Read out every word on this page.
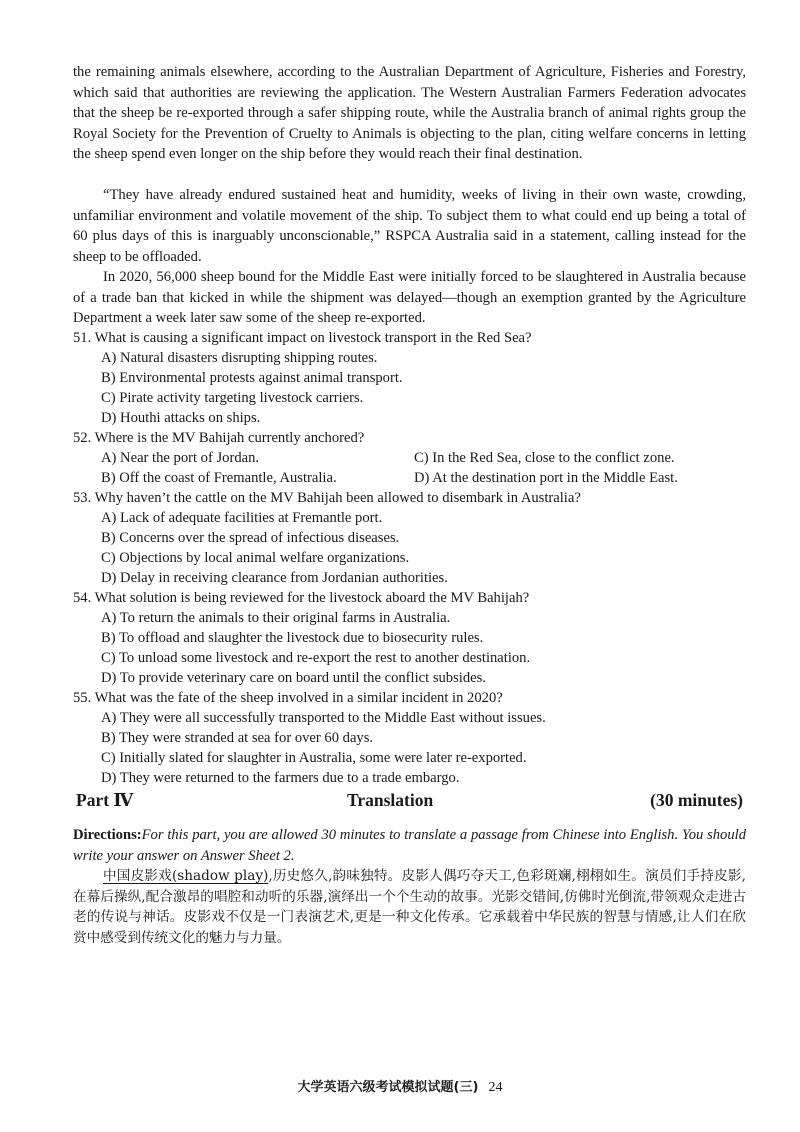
the remaining animals elsewhere, according to the Australian Department of Agriculture, Fisheries and Forestry, which said that authorities are reviewing the application. The Western Australian Farmers Federation advocates that the sheep be re-exported through a safer shipping route, while the Australia branch of animal rights group the Royal Society for the Prevention of Cruelty to Animals is objecting to the plan, citing welfare concerns in letting the sheep spend even longer on the ship before they would reach their final destination.
“They have already endured sustained heat and humidity, weeks of living in their own waste, crowding, unfamiliar environment and volatile movement of the ship. To subject them to what could end up being a total of 60 plus days of this is inarguably unconscionable,” RSPCA Australia said in a statement, calling instead for the sheep to be offloaded.
In 2020, 56,000 sheep bound for the Middle East were initially forced to be slaughtered in Australia because of a trade ban that kicked in while the shipment was delayed—though an exemption granted by the Agriculture Department a week later saw some of the sheep re-exported.
51. What is causing a significant impact on livestock transport in the Red Sea?
A) Natural disasters disrupting shipping routes.
B) Environmental protests against animal transport.
C) Pirate activity targeting livestock carriers.
D) Houthi attacks on ships.
52. Where is the MV Bahijah currently anchored?
A) Near the port of Jordan.	C) In the Red Sea, close to the conflict zone.
B) Off the coast of Fremantle, Australia.	D) At the destination port in the Middle East.
53. Why haven’t the cattle on the MV Bahijah been allowed to disembark in Australia?
A) Lack of adequate facilities at Fremantle port.
B) Concerns over the spread of infectious diseases.
C) Objections by local animal welfare organizations.
D) Delay in receiving clearance from Jordanian authorities.
54. What solution is being reviewed for the livestock aboard the MV Bahijah?
A) To return the animals to their original farms in Australia.
B) To offload and slaughter the livestock due to biosecurity rules.
C) To unload some livestock and re-export the rest to another destination.
D) To provide veterinary care on board until the conflict subsides.
55. What was the fate of the sheep involved in a similar incident in 2020?
A) They were all successfully transported to the Middle East without issues.
B) They were stranded at sea for over 60 days.
C) Initially slated for slaughter in Australia, some were later re-exported.
D) They were returned to the farmers due to a trade embargo.
Part Ⅳ	Translation	(30 minutes)
Directions:For this part, you are allowed 30 minutes to translate a passage from Chinese into English. You should write your answer on Answer Sheet 2.
中国皮影戏(shadow play),历史悠久,韵味独特。皮影人偶巧夺天工,色彩斑斓,栩栩如生。演员们手持皮影,在幕后操纵,配合激昂的唱腔和动听的乐器,演绎出一个个生动的故事。光影交错间,仿佛时光倒流,带领观众走进古老的传说与神话。皮影戏不仅是一门表演艺术,更是一种文化传承。它承载着中华民族的智慧与情感,让人们在欣赏中感受到传统文化的魅力与力量。
大学英语六级考试模拟试题(三) 24
